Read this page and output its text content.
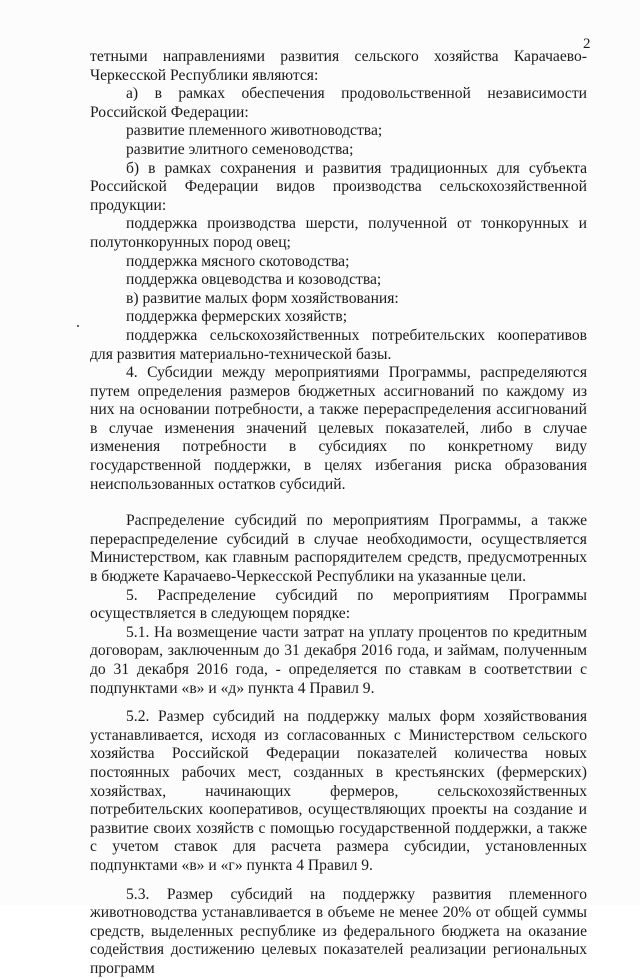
2

тетными направлениями развития сельского хозяйства Карачаево-Черкесской Республики являются:

а) в рамках обеспечения продовольственной независимости Российской Федерации:

развитие племенного животноводства;

развитие элитного семеноводства;

б) в рамках сохранения и развития традиционных для субъекта Российской Федерации видов производства сельскохозяйственной продукции:

поддержка производства шерсти, полученной от тонкорунных и полутонкорунных пород овец;

поддержка мясного скотоводства;

поддержка овцеводства и козоводства;

в) развитие малых форм хозяйствования:

поддержка фермерских хозяйств;

поддержка сельскохозяйственных потребительских кооперативов для развития материально-технической базы.

4. Субсидии между мероприятиями Программы, распределяются путем определения размеров бюджетных ассигнований по каждому из них на основании потребности, а также перераспределения ассигнований в случае изменения значений целевых показателей, либо в случае изменения потребности в субсидиях по конкретному виду государственной поддержки, в целях избегания риска образования неиспользованных остатков субсидий.

Распределение субсидий по мероприятиям Программы, а также перераспределение субсидий в случае необходимости, осуществляется Министерством, как главным распорядителем средств, предусмотренных в бюджете Карачаево-Черкесской Республики на указанные цели.

5. Распределение субсидий по мероприятиям Программы осуществляется в следующем порядке:

5.1. На возмещение части затрат на уплату процентов по кредитным договорам, заключенным до 31 декабря 2016 года, и займам, полученным до 31 декабря 2016 года, - определяется по ставкам в соответствии с подпунктами «в» и «д» пункта 4 Правил 9.

5.2. Размер субсидий на поддержку малых форм хозяйствования устанавливается, исходя из согласованных с Министерством сельского хозяйства Российской Федерации показателей количества новых постоянных рабочих мест, созданных в крестьянских (фермерских) хозяйствах, начинающих фермеров, сельскохозяйственных потребительских кооперативов, осуществляющих проекты на создание и развитие своих хозяйств с помощью государственной поддержки, а также с учетом ставок для расчета размера субсидии, установленных подпунктами «в» и «г» пункта 4 Правил 9.

5.3. Размер субсидий на поддержку развития племенного животноводства устанавливается в объеме не менее 20% от общей суммы средств, выделенных республике из федерального бюджета на оказание содействия достижению целевых показателей реализации региональных программ
